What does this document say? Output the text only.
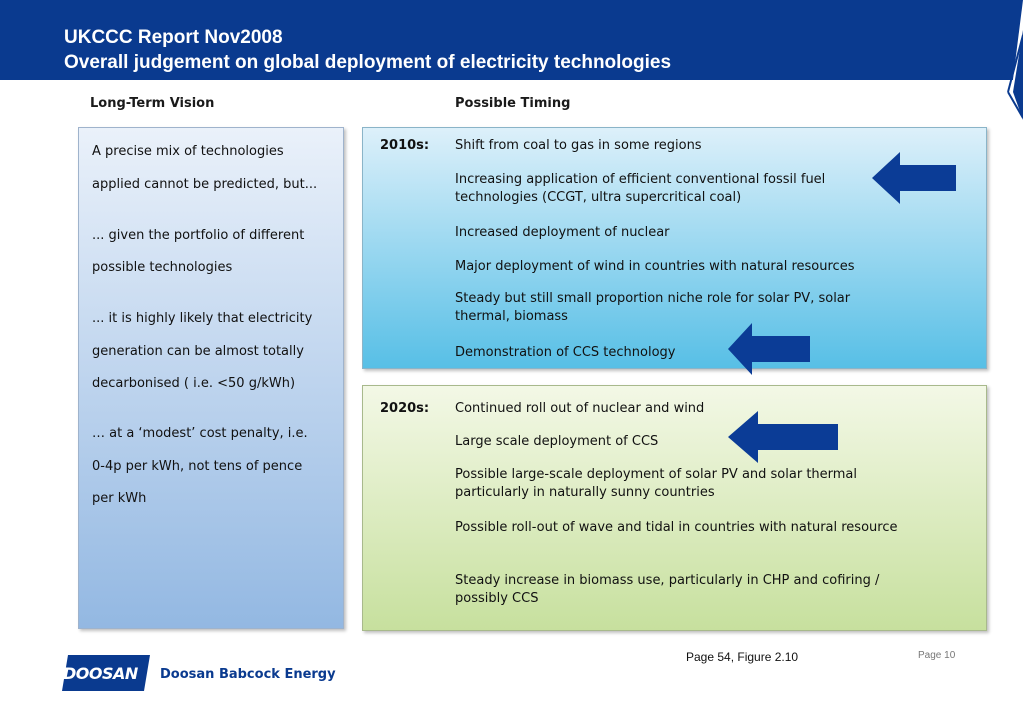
UKCCC Report Nov2008
Overall judgement on global deployment of electricity technologies
Long-Term Vision	Possible Timing
A precise mix of technologies
applied cannot be predicted, but...
... given the portfolio of different
possible technologies
... it is highly likely that electricity
generation can be almost totally
decarbonised ( i.e. <50 g/kWh)
… at a ‘modest’ cost penalty, i.e.
0-4p per kWh, not tens of pence
per kWh
2010s: Shift from coal to gas in some regions
Increasing application of efficient conventional fossil fuel technologies (CCGT, ultra supercritical coal)
Increased deployment of nuclear
Major deployment of wind in countries with natural resources
Steady but still small proportion niche role for solar PV, solar thermal, biomass
Demonstration of CCS technology
2020s: Continued roll out of nuclear and wind
Large scale deployment of CCS
Possible large-scale deployment of solar PV and solar thermal particularly in naturally sunny countries
Possible roll-out of wave and tidal in countries with natural resource
Steady increase in biomass use, particularly in CHP and cofiring / possibly CCS
Page 54, Figure 2.10	Page 10
DOOSAN Doosan Babcock Energy
